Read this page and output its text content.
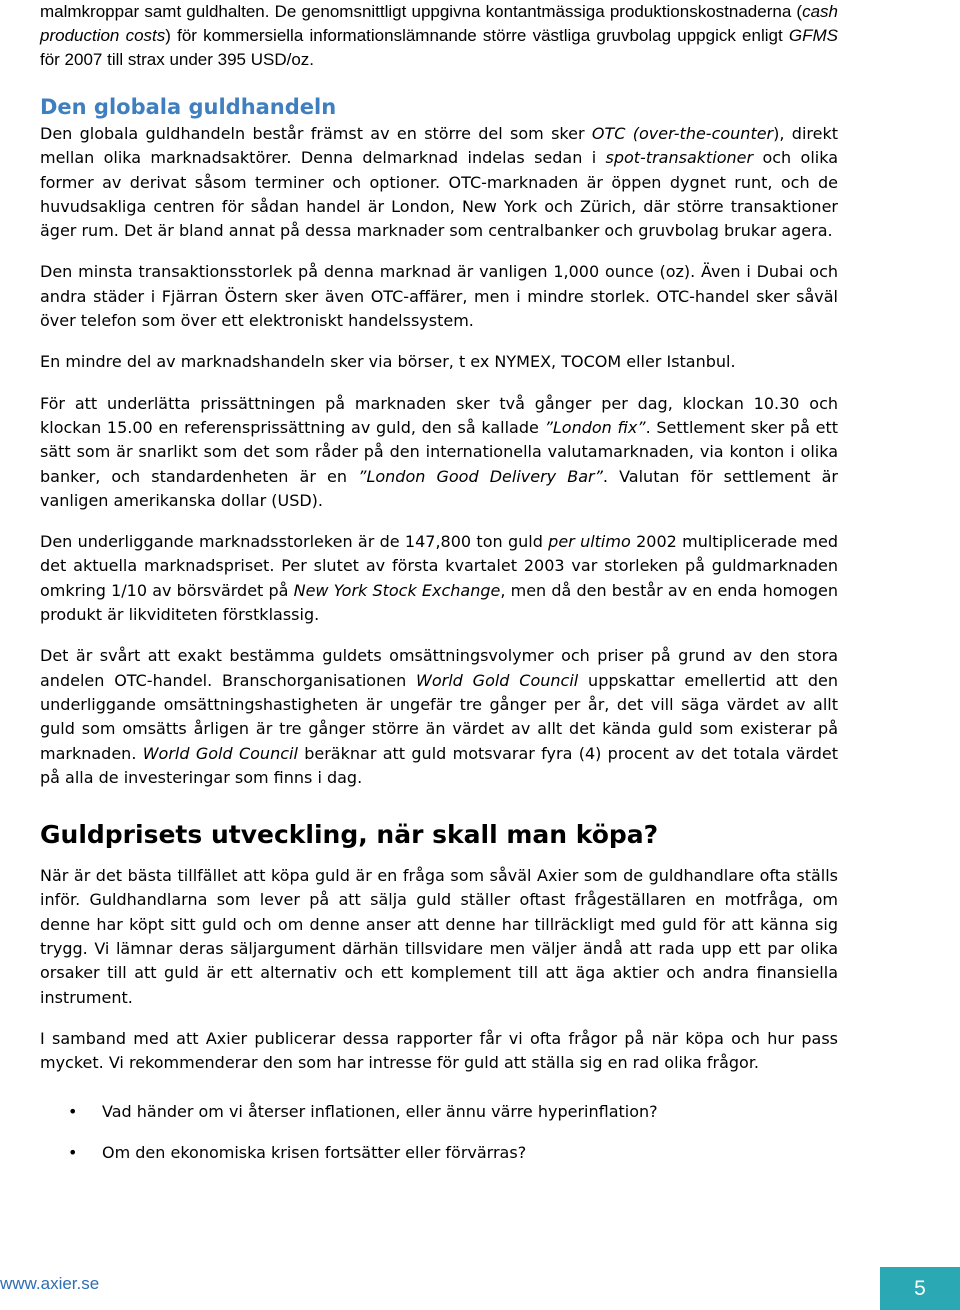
malmkroppar samt guldhalten. De genomsnittligt uppgivna kontantmässiga produktionskostnaderna (cash production costs) för kommersiella informationslämnande större västliga gruvbolag uppgick enligt GFMS för 2007 till strax under 395 USD/oz.

Den globala guldhandeln

Den globala guldhandeln består främst av en större del som sker OTC (over-the-counter), direkt mellan olika marknadsaktörer. Denna delmarknad indelas sedan i spot-transaktioner och olika former av derivat såsom terminer och optioner. OTC-marknaden är öppen dygnet runt, och de huvudsakliga centren för sådan handel är London, New York och Zürich, där större transaktioner äger rum. Det är bland annat på dessa marknader som centralbanker och gruvbolag brukar agera.

Den minsta transaktionsstorlek på denna marknad är vanligen 1,000 ounce (oz). Även i Dubai och andra städer i Fjärran Östern sker även OTC-affärer, men i mindre storlek. OTC-handel sker såväl över telefon som över ett elektroniskt handelssystem.

En mindre del av marknadshandeln sker via börser, t ex NYMEX, TOCOM eller Istanbul.

För att underlätta prissättningen på marknaden sker två gånger per dag, klockan 10.30 och klockan 15.00 en referensprissättning av guld, den så kallade ”London fix”. Settlement sker på ett sätt som är snarlikt som det som råder på den internationella valutamarknaden, via konton i olika banker, och standardenheten är en ”London Good Delivery Bar”. Valutan för settlement är vanligen amerikanska dollar (USD).

Den underliggande marknadsstorleken är de 147,800 ton guld per ultimo 2002 multiplicerade med det aktuella marknadspriset. Per slutet av första kvartalet 2003 var storleken på guldmarknaden omkring 1/10 av börsvärdet på New York Stock Exchange, men då den består av en enda homogen produkt är likviditeten förstklassig.

Det är svårt att exakt bestämma guldets omsättningsvolymer och priser på grund av den stora andelen OTC-handel. Branschorganisationen World Gold Council uppskattar emellertid att den underliggande omsättningshastigheten är ungefär tre gånger per år, det vill säga värdet av allt guld som omsätts årligen är tre gånger större än värdet av allt det kända guld som existerar på marknaden. World Gold Council beräknar att guld motsvarar fyra (4) procent av det totala värdet på alla de investeringar som finns i dag.

Guldprisets utveckling, när skall man köpa?

När är det bästa tillfället att köpa guld är en fråga som såväl Axier som de guldhandlare ofta ställs inför. Guldhandlarna som lever på att sälja guld ställer oftast frågeställaren en motfråga, om denne har köpt sitt guld och om denne anser att denne har tillräckligt med guld för att känna sig trygg. Vi lämnar deras säljargument därhän tillsvidare men väljer ändå att rada upp ett par olika orsaker till att guld är ett alternativ och ett komplement till att äga aktier och andra finansiella instrument.

I samband med att Axier publicerar dessa rapporter får vi ofta frågor på när köpa och hur pass mycket. Vi rekommenderar den som har intresse för guld att ställa sig en rad olika frågor.

• Vad händer om vi återser inflationen, eller ännu värre hyperinflation?
• Om den ekonomiska krisen fortsätter eller förvärras?
www.axier.se	5
